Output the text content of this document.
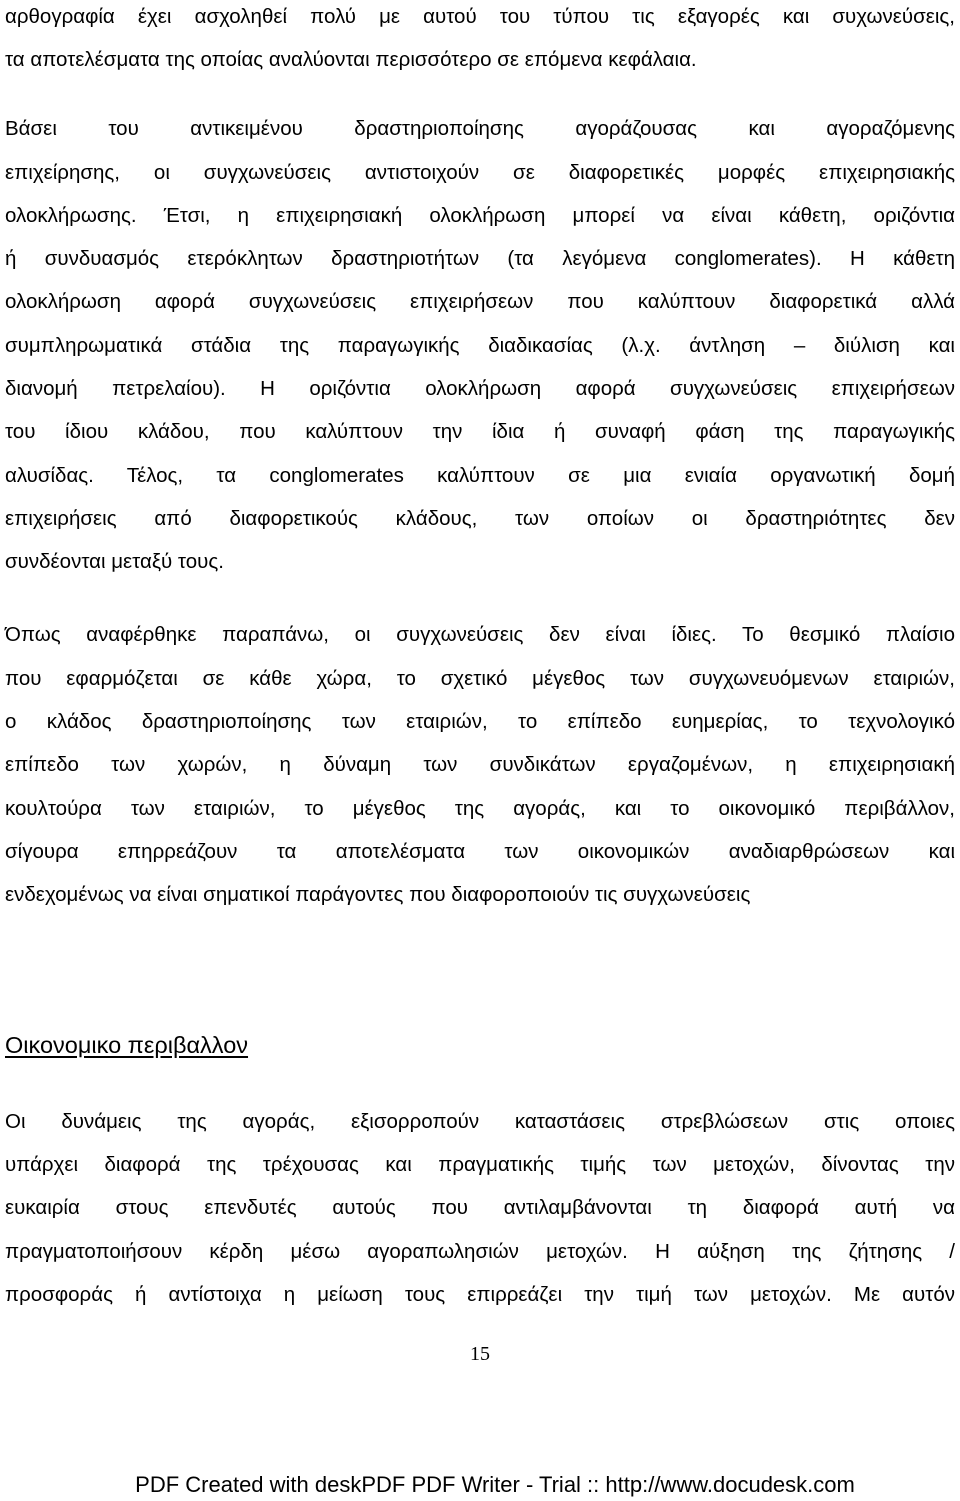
αρθογραφία έχει ασχοληθεί πολύ με αυτού του τύπου τις εξαγορές και συχωνεύσεις,
τα αποτελέσματα της οποίας αναλύονται περισσότερο σε επόμενα κεφάλαια.
Βάσει του αντικειμένου δραστηριοποίησης αγοράζουσας και αγοραζόμενης
επιχείρησης, οι συγχωνεύσεις αντιστοιχούν σε διαφορετικές μορφές επιχειρησιακής
ολοκλήρωσης. Έτσι, η επιχειρησιακή ολοκλήρωση μπορεί να είναι κάθετη, οριζόντια
ή συνδυασμός ετερόκλητων δραστηριοτήτων (τα λεγόμενα conglomerates). Η κάθετη
ολοκλήρωση αφορά συγχωνεύσεις επιχειρήσεων που καλύπτουν διαφορετικά αλλά
συμπληρωματικά στάδια της παραγωγικής διαδικασίας (λ.χ. άντληση – διύλιση και
διανομή πετρελαίου). Η οριζόντια ολοκλήρωση αφορά συγχωνεύσεις επιχειρήσεων
του ίδιου κλάδου, που καλύπτουν την ίδια ή συναφή φάση της παραγωγικής
αλυσίδας. Τέλος, τα conglomerates καλύπτουν σε μια ενιαία οργανωτική δομή
επιχειρήσεις από διαφορετικούς κλάδους, των οποίων οι δραστηριότητες δεν
συνδέονται μεταξύ τους.
Όπως αναφέρθηκε παραπάνω, οι συγχωνεύσεις δεν είναι ίδιες. Το θεσμικό πλαίσιο
που εφαρμόζεται σε κάθε χώρα, το σχετικό μέγεθος των συγχωνευόμενων εταιριών,
ο κλάδος δραστηριοποίησης των εταιριών, το επίπεδο ευημερίας, το τεχνολογικό
επίπεδο των χωρών, η δύναμη των συνδικάτων εργαζομένων, η επιχειρησιακή
κουλτούρα των εταιριών, το μέγεθος της αγοράς, και το οικονομικό περιβάλλον,
σίγουρα επηρρεάζουν τα αποτελέσματα των οικονομικών αναδιαρθρώσεων και
ενδεχομένως να είναι σηματικοί παράγοντες που διαφοροποιούν τις συγχωνεύσεις
Οικονομικο περιβαλλον
Οι δυνάμεις της αγοράς, εξισορροπούν καταστάσεις στρεβλώσεων στις οποιες
υπάρχει διαφορά της τρέχουσας και πραγματικής τιμής των μετοχών, δίνοντας την
ευκαιρία στους επενδυτές αυτούς που αντιλαμβάνονται τη διαφορά αυτή να
πραγματοποιήσουν κέρδη μέσω αγοραπωλησιών μετοχών. Η αύξηση της ζήτησης /
προσφοράς ή αντίστοιχα η μείωση τους επιρρεάζει την τιμή των μετοχών. Με αυτόν
15
PDF Created with deskPDF PDF Writer - Trial :: http://www.docudesk.com
